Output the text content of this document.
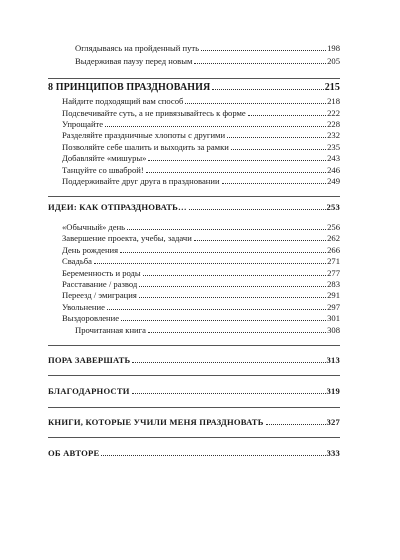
Оглядываясь на пройденный путь	198
Выдерживая паузу перед новым	205
8 ПРИНЦИПОВ ПРАЗДНОВАНИЯ	215
Найдите подходящий вам способ	218
Подсвечивайте суть, а не привязывайтесь к форме	222
Упрощайте	228
Разделяйте праздничные хлопоты с другими	232
Позволяйте себе шалить и выходить за рамки	235
Добавляйте «мишуры»	243
Танцуйте со шваброй!	246
Поддерживайте друг друга в праздновании	249
ИДЕИ: КАК ОТПРАЗДНОВАТЬ…	253
«Обычный» день	256
Завершение проекта, учебы, задачи	262
День рождения	266
Свадьба	271
Беременность и роды	277
Расставание / развод	283
Переезд / эмиграция	291
Увольнение	297
Выздоровление	301
Прочитанная книга	308
ПОРА ЗАВЕРШАТЬ	313
БЛАГОДАРНОСТИ	319
КНИГИ, КОТОРЫЕ УЧИЛИ МЕНЯ ПРАЗДНОВАТЬ	327
ОБ АВТОРЕ	333
